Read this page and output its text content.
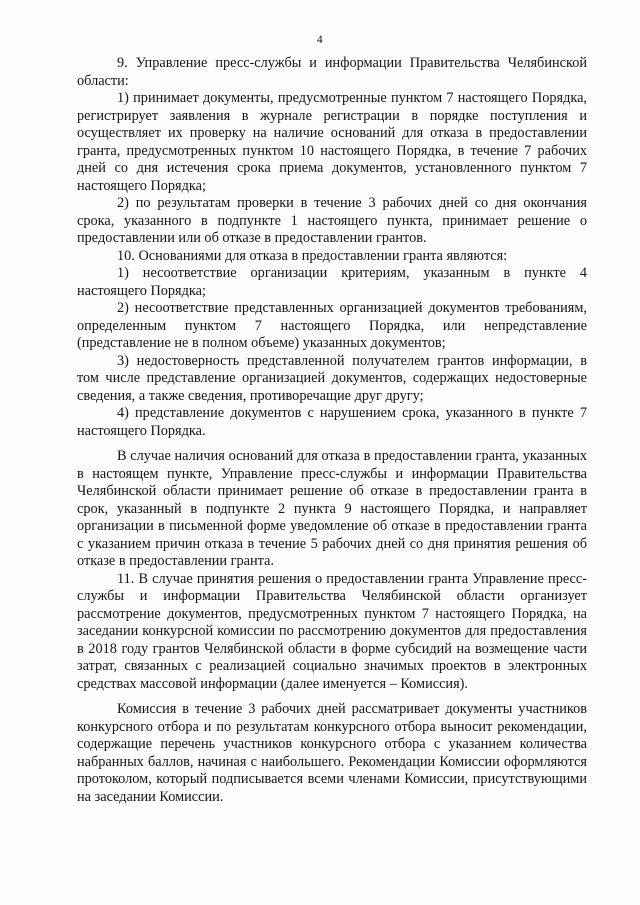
4

9. Управление пресс-службы и информации Правительства Челябинской области:

1) принимает документы, предусмотренные пунктом 7 настоящего Порядка, регистрирует заявления в журнале регистрации в порядке поступления и осуществляет их проверку на наличие оснований для отказа в предоставлении гранта, предусмотренных пунктом 10 настоящего Порядка, в течение 7 рабочих дней со дня истечения срока приема документов, установленного пунктом 7 настоящего Порядка;

2) по результатам проверки в течение 3 рабочих дней со дня окончания срока, указанного в подпункте 1 настоящего пункта, принимает решение о предоставлении или об отказе в предоставлении грантов.

10. Основаниями для отказа в предоставлении гранта являются:

1) несоответствие организации критериям, указанным в пункте 4 настоящего Порядка;

2) несоответствие представленных организацией документов требованиям, определенным пунктом 7 настоящего Порядка, или непредставление (представление не в полном объеме) указанных документов;

3) недостоверность представленной получателем грантов информации, в том числе представление организацией документов, содержащих недостоверные сведения, а также сведения, противоречащие друг другу;

4) представление документов с нарушением срока, указанного в пункте 7 настоящего Порядка.

В случае наличия оснований для отказа в предоставлении гранта, указанных в настоящем пункте, Управление пресс-службы и информации Правительства Челябинской области принимает решение об отказе в предоставлении гранта в срок, указанный в подпункте 2 пункта 9 настоящего Порядка, и направляет организации в письменной форме уведомление об отказе в предоставлении гранта с указанием причин отказа в течение 5 рабочих дней со дня принятия решения об отказе в предоставлении гранта.

11. В случае принятия решения о предоставлении гранта Управление пресс-службы и информации Правительства Челябинской области организует рассмотрение документов, предусмотренных пунктом 7 настоящего Порядка, на заседании конкурсной комиссии по рассмотрению документов для предоставления в 2018 году грантов Челябинской области в форме субсидий на возмещение части затрат, связанных с реализацией социально значимых проектов в электронных средствах массовой информации (далее именуется – Комиссия).

Комиссия в течение 3 рабочих дней рассматривает документы участников конкурсного отбора и по результатам конкурсного отбора выносит рекомендации, содержащие перечень участников конкурсного отбора с указанием количества набранных баллов, начиная с наибольшего. Рекомендации Комиссии оформляются протоколом, который подписывается всеми членами Комиссии, присутствующими на заседании Комиссии.
